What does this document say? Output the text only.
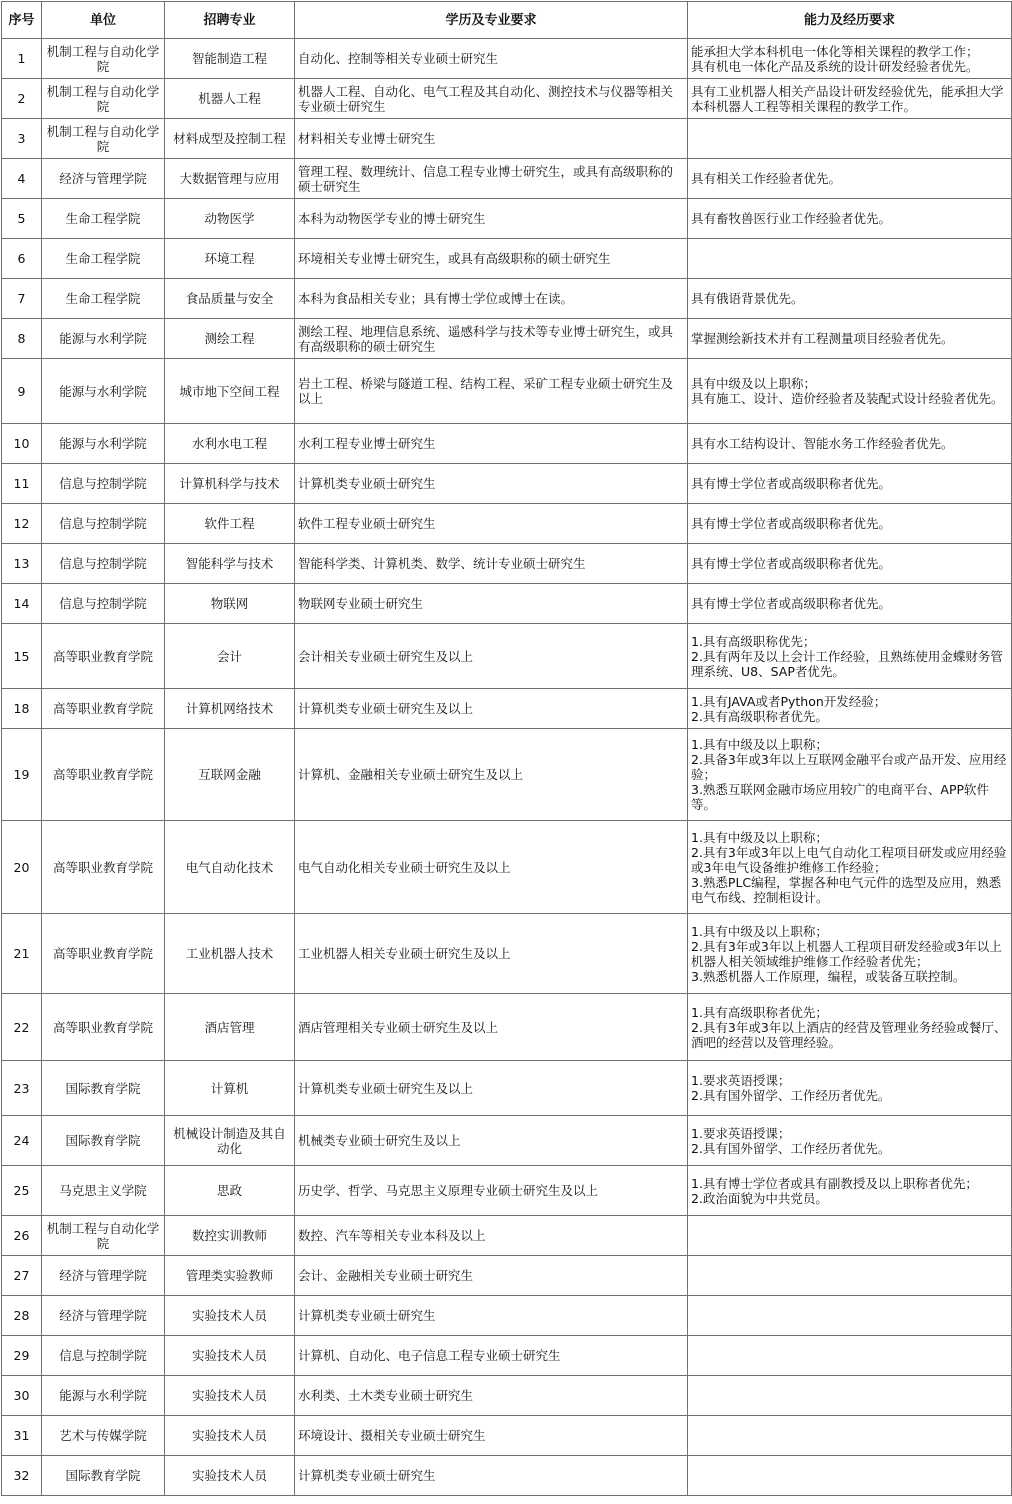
序号	单位	招聘专业	学历及专业要求	能力及经历要求
1	机制工程与自动化学院	智能制造工程	自动化、控制等相关专业硕士研究生	能承担大学本科机电一体化等相关课程的教学工作；
具有机电一体化产品及系统的设计研发经验者优先。

2	机制工程与自动化学院	机器人工程	机器人工程、自动化、电气工程及其自动化、测控技术与仪器等相关专业硕士研究生	具有工业机器人相关产品设计研发经验优先，能承担大学本科机器人工程等相关课程的教学工作。

3	机制工程与自动化学院	材料成型及控制工程	材料相关专业博士研究生	
4	经济与管理学院	大数据管理与应用	管理工程、数理统计、信息工程专业博士研究生，或具有高级职称的硕士研究生	具有相关工作经验者优先。

5	生命工程学院	动物医学	本科为动物医学专业的博士研究生	具有畜牧兽医行业工作经验者优先。

6	生命工程学院	环境工程	环境相关专业博士研究生，或具有高级职称的硕士研究生	
7	生命工程学院	食品质量与安全	本科为食品相关专业；具有博士学位或博士在读。	具有俄语背景优先。

8	能源与水利学院	测绘工程	测绘工程、地理信息系统、遥感科学与技术等专业博士研究生，或具有高级职称的硕士研究生	掌握测绘新技术并有工程测量项目经验者优先。

9	能源与水利学院	城市地下空间工程	岩土工程、桥梁与隧道工程、结构工程、采矿工程专业硕士研究生及以上	具有中级及以上职称；
具有施工、设计、造价经验者及装配式设计经验者优先。

10	能源与水利学院	水利水电工程	水利工程专业博士研究生	具有水工结构设计、智能水务工作经验者优先。

11	信息与控制学院	计算机科学与技术	计算机类专业硕士研究生	具有博士学位者或高级职称者优先。

12	信息与控制学院	软件工程	软件工程专业硕士研究生	具有博士学位者或高级职称者优先。

13	信息与控制学院	智能科学与技术	智能科学类、计算机类、数学、统计专业硕士研究生	具有博士学位者或高级职称者优先。

14	信息与控制学院	物联网	物联网专业硕士研究生	具有博士学位者或高级职称者优先。

15	高等职业教育学院	会计	会计相关专业硕士研究生及以上	1.具有高级职称优先；
2.具有两年及以上会计工作经验，且熟练使用金蝶财务管理系统、U8、SAP者优先。

18	高等职业教育学院	计算机网络技术	计算机类专业硕士研究生及以上	1.具有JAVA或者Python开发经验；
2.具有高级职称者优先。

19	高等职业教育学院	互联网金融	计算机、金融相关专业硕士研究生及以上	1.具有中级及以上职称；
2.具备3年或3年以上互联网金融平台或产品开发、应用经验；
3.熟悉互联网金融市场应用较广的电商平台、APP软件等。

20	高等职业教育学院	电气自动化技术	电气自动化相关专业硕士研究生及以上	1.具有中级及以上职称；
2.具有3年或3年以上电气自动化工程项目研发或应用经验或3年电气设备维护维修工作经验；
3.熟悉PLC编程，掌握各种电气元件的选型及应用，熟悉电气布线、控制柜设计。

21	高等职业教育学院	工业机器人技术	工业机器人相关专业硕士研究生及以上	1.具有中级及以上职称；
2.具有3年或3年以上机器人工程项目研发经验或3年以上机器人相关领域维护维修工作经验者优先；
3.熟悉机器人工作原理，编程，或装备互联控制。

22	高等职业教育学院	酒店管理	酒店管理相关专业硕士研究生及以上	1.具有高级职称者优先；
2.具有3年或3年以上酒店的经营及管理业务经验或餐厅、酒吧的经营以及管理经验。

23	国际教育学院	计算机	计算机类专业硕士研究生及以上	1.要求英语授课；
2.具有国外留学、工作经历者优先。

24	国际教育学院	机械设计制造及其自动化	机械类专业硕士研究生及以上	1.要求英语授课；
2.具有国外留学、工作经历者优先。

25	马克思主义学院	思政	历史学、哲学、马克思主义原理专业硕士研究生及以上	1.具有博士学位者或具有副教授及以上职称者优先；
2.政治面貌为中共党员。

26	机制工程与自动化学院	数控实训教师	数控、汽车等相关专业本科及以上	
27	经济与管理学院	管理类实验教师	会计、金融相关专业硕士研究生	
28	经济与管理学院	实验技术人员	计算机类专业硕士研究生	
29	信息与控制学院	实验技术人员	计算机、自动化、电子信息工程专业硕士研究生	
30	能源与水利学院	实验技术人员	水利类、土木类专业硕士研究生	
31	艺术与传媒学院	实验技术人员	环境设计、摄相关专业硕士研究生	
32	国际教育学院	实验技术人员	计算机类专业硕士研究生	
